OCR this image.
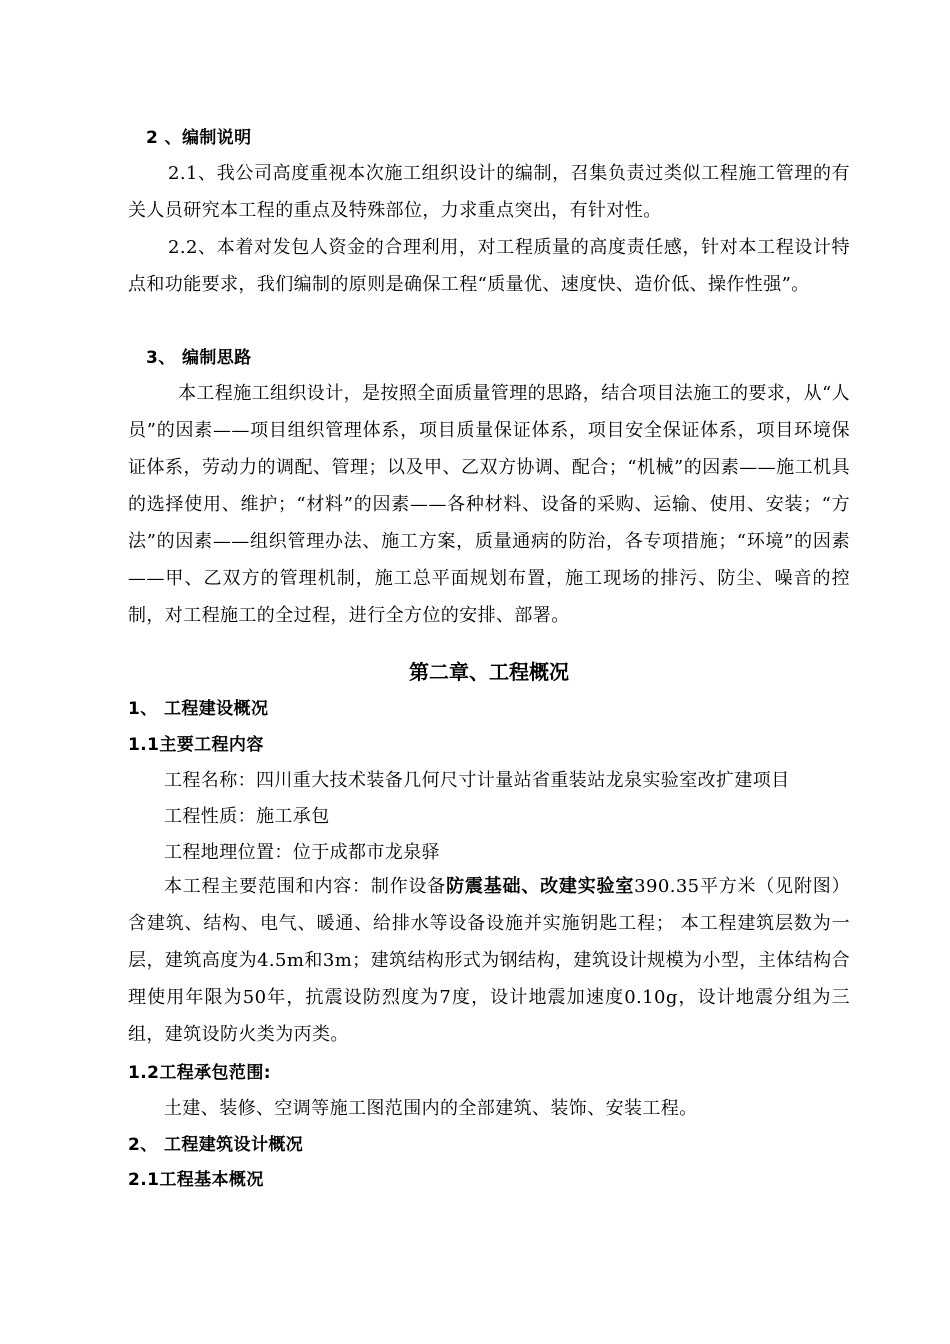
2 、编制说明
2.1、我公司高度重视本次施工组织设计的编制，召集负责过类似工程施工管理的有关人员研究本工程的重点及特殊部位，力求重点突出，有针对性。
2.2、本着对发包人资金的合理利用，对工程质量的高度责任感，针对本工程设计特点和功能要求，我们编制的原则是确保工程“质量优、速度快、造价低、操作性强”。
3、 编制思路
本工程施工组织设计，是按照全面质量管理的思路，结合项目法施工的要求，从“人员”的因素——项目组织管理体系，项目质量保证体系，项目安全保证体系，项目环境保证体系，劳动力的调配、管理；以及甲、乙双方协调、配合；“机械”的因素——施工机具的选择使用、维护；“材料”的因素——各种材料、设备的采购、运输、使用、安装；“方法”的因素——组织管理办法、施工方案，质量通病的防治，各专项措施；“环境”的因素——甲、乙双方的管理机制，施工总平面规划布置，施工现场的排污、防尘、噪音的控制，对工程施工的全过程，进行全方位的安排、部署。
第二章、工程概况
1、 工程建设概况
1.1主要工程内容
工程名称：四川重大技术装备几何尺寸计量站省重装站龙泉实验室改扩建项目
工程性质：施工承包
工程地理位置：位于成都市龙泉驿
本工程主要范围和内容：制作设备防震基础、改建实验室390.35平方米（见附图）含建筑、结构、电气、暖通、给排水等设备设施并实施钥匙工程； 本工程建筑层数为一层，建筑高度为4.5m和3m；建筑结构形式为钢结构，建筑设计规模为小型，主体结构合理使用年限为50年，抗震设防烈度为7度，设计地震加速度0.10g，设计地震分组为三组，建筑设防火类为丙类。
1.2工程承包范围:
土建、装修、空调等施工图范围内的全部建筑、装饰、安装工程。
2、 工程建筑设计概况
2.1工程基本概况
